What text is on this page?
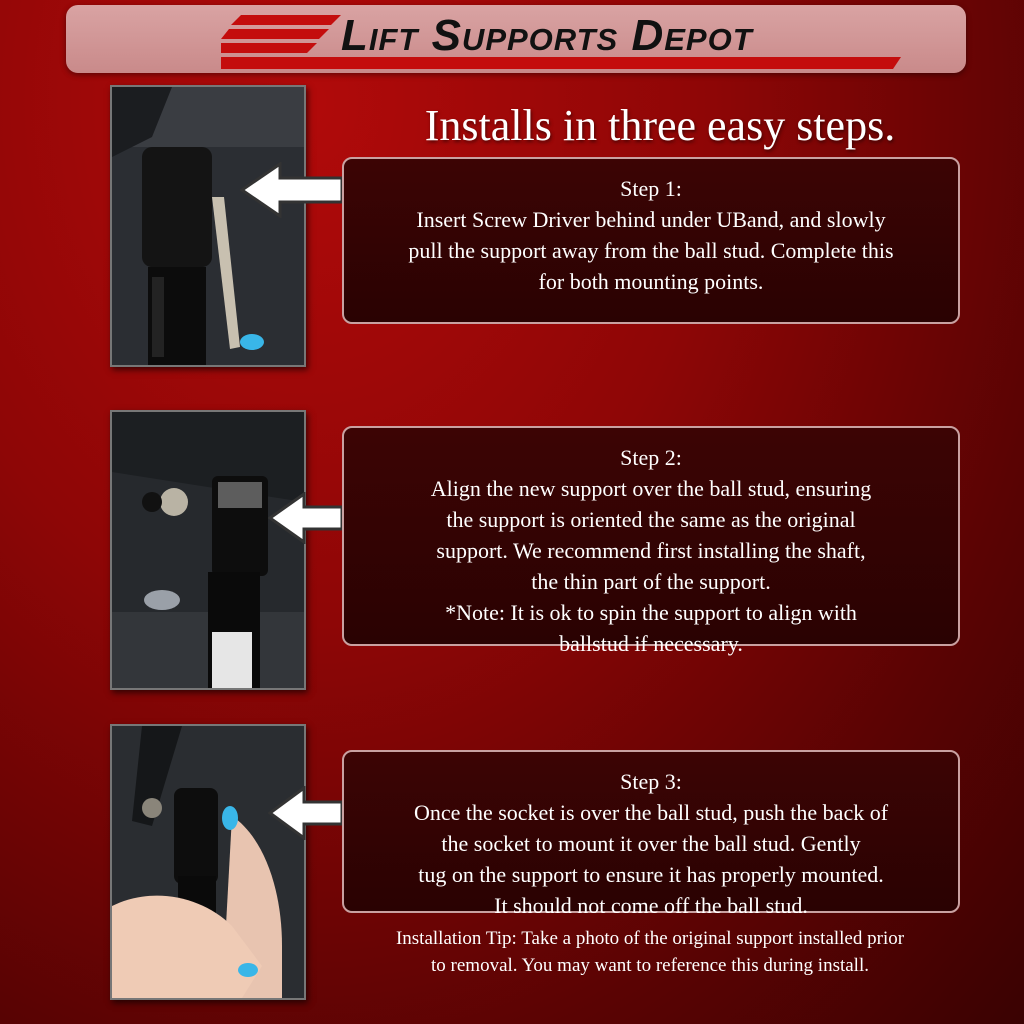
Lift Supports Depot
Installs in three easy steps.
Step 1:
Insert Screw Driver behind under UBand, and slowly
pull the support away from the ball stud. Complete this
for both mounting points.
Step 2:
Align the new support over the ball stud, ensuring
the support is oriented the same as the original
support. We recommend first installing the shaft,
the thin part of the support.
*Note: It is ok to spin the support to align with
ballstud if necessary.
Step 3:
Once the socket is over the ball stud, push the back of
the socket to mount it over the ball stud. Gently
tug on the support to ensure it has properly mounted.
It should not come off the ball stud.
Installation Tip: Take a photo of the original support installed prior
to removal. You may want to reference this during install.
